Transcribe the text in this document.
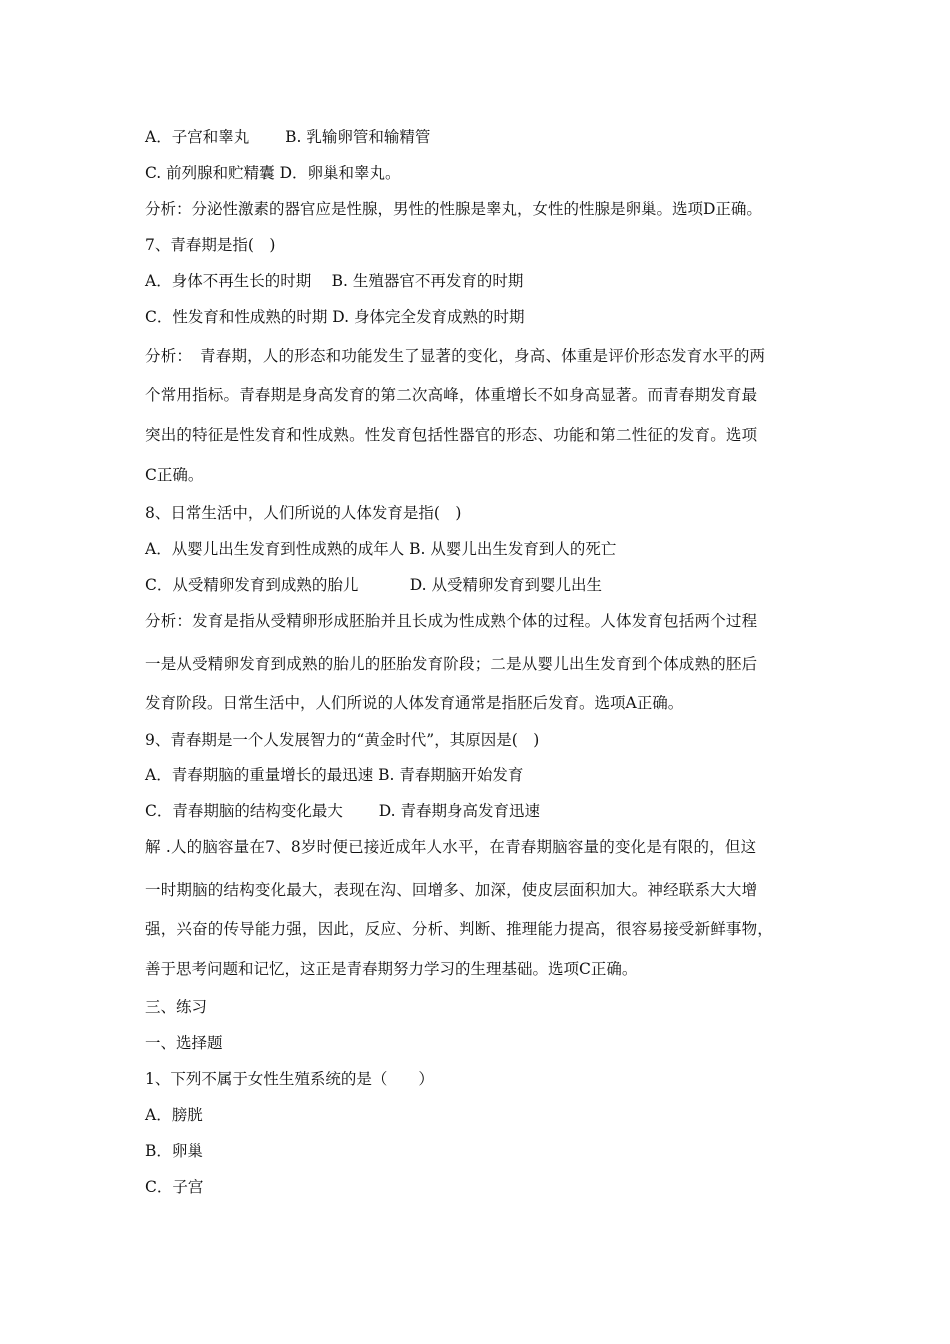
A．子宫和睾丸　　 B. 乳输卵管和输精管
C. 前列腺和贮精囊 D．卵巢和睾丸。
分析：分泌性激素的器官应是性腺，男性的性腺是睾丸，女性的性腺是卵巢。选项D正确。
7、青春期是指(　)
A．身体不再生长的时期　 B. 生殖器官不再发育的时期
C．性发育和性成熟的时期 D. 身体完全发育成熟的时期
分析：　青春期，人的形态和功能发生了显著的变化，身高、体重是评价形态发育水平的两
个常用指标。青春期是身高发育的第二次高峰，体重增长不如身高显著。而青春期发育最
突出的特征是性发育和性成熟。性发育包括性器官的形态、功能和第二性征的发育。选项
C正确。
8、日常生活中，人们所说的人体发育是指(　)
A．从婴儿出生发育到性成熟的成年人 B. 从婴儿出生发育到人的死亡
C．从受精卵发育到成熟的胎儿　　　 D. 从受精卵发育到婴儿出生
分析：发育是指从受精卵形成胚胎并且长成为性成熟个体的过程。人体发育包括两个过程
一是从受精卵发育到成熟的胎儿的胚胎发育阶段；二是从婴儿出生发育到个体成熟的胚后
发育阶段。日常生活中，人们所说的人体发育通常是指胚后发育。选项A正确。
9、青春期是一个人发展智力的“黄金时代”，其原因是(　)
A．青春期脑的重量增长的最迅速 B. 青春期脑开始发育
C．青春期脑的结构变化最大　　 D. 青春期身高发育迅速
解 .人的脑容量在7、8岁时便已接近成年人水平，在青春期脑容量的变化是有限的，但这
一时期脑的结构变化最大，表现在沟、回增多、加深，使皮层面积加大。神经联系大大增
强，兴奋的传导能力强，因此，反应、分析、判断、推理能力提高，很容易接受新鲜事物，
善于思考问题和记忆，这正是青春期努力学习的生理基础。选项C正确。
三、练习
一、选择题
1、下列不属于女性生殖系统的是（　　）
A．膀胱
B．卵巢
C．子宫
